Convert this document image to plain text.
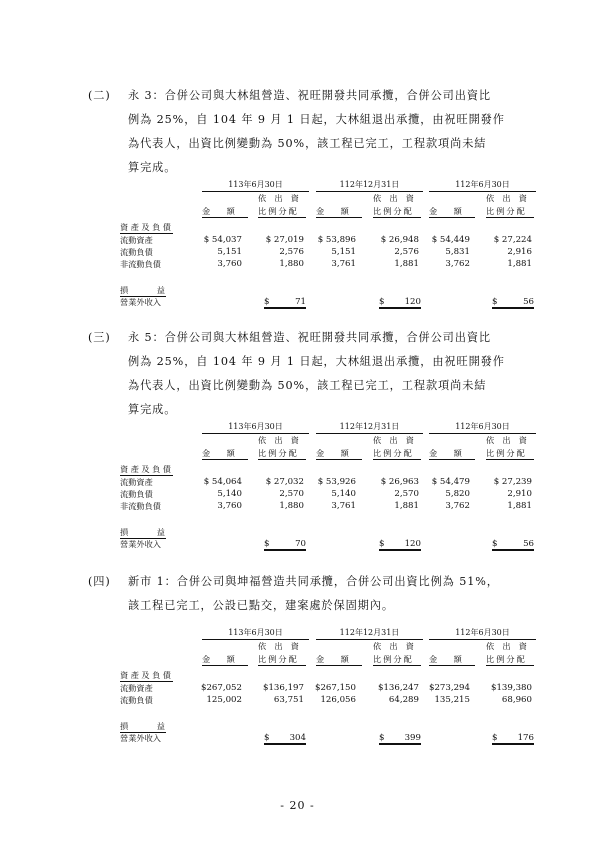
(二)	永 3：合併公司與大林組營造、祝旺開發共同承攬，合併公司出資比
例為 25%，自 104 年 9 月 1 日起，大林組退出承攬，由祝旺開發作
為代表人，出資比例變動為 50%，該工程已完工，工程款項尚未結
算完成。
113年6月30日	112年12月31日	112年6月30日
依　出　資
金　　額	比例分配
依　出　資
金　　額	比例分配
依　出　資
金　　額	比例分配
資產及負債
流動資產	$ 54,037	$ 27,019 $ 53,896	$ 26,948 $ 54,449	$ 27,224
流動負債	5,151	2,576	5,151	2,576	5,831	2,916
非流動負債	3,760	1,880	3,761	1,881	3,762	1,881
損　　　益
營業外收入	$	71	$ 120	$	56
(三)	永 5：合併公司與大林組營造、祝旺開發共同承攬，合併公司出資比
例為 25%，自 104 年 9 月 1 日起，大林組退出承攬，由祝旺開發作
為代表人，出資比例變動為 50%，該工程已完工，工程款項尚未結
算完成。
113年6月30日	112年12月31日	112年6月30日
依　出　資
金　　額	比例分配
依　出　資
金　　額	比例分配
依　出　資
金　　額	比例分配
資產及負債
流動資產	$ 54,064	$ 27,032 $ 53,926	$ 26,963 $ 54,479	$ 27,239
流動負債	5,140	2,570	5,140	2,570	5,820	2,910
非流動負債	3,760	1,880	3,761	1,881	3,762	1,881
損　　　益
營業外收入	$	70	$ 120	$	56
(四)	新市 1：合併公司與坤福營造共同承攬，合併公司出資比例為 51%，
該工程已完工，公設已點交，建案處於保固期內。
113年6月30日	112年12月31日	112年6月30日
依　出　資
金　　額	比例分配
依　出　資
金　　額	比例分配
依　出　資
金　　額	比例分配
資產及負債
流動資產	$267,052 $136,197 $267,150	$136,247 $273,294 $139,380
流動負債	125,002	63,751 126,056	64,289 135,215	68,960
損　　　益
營業外收入	$ 304	$ 399	$ 176
- 20 -
